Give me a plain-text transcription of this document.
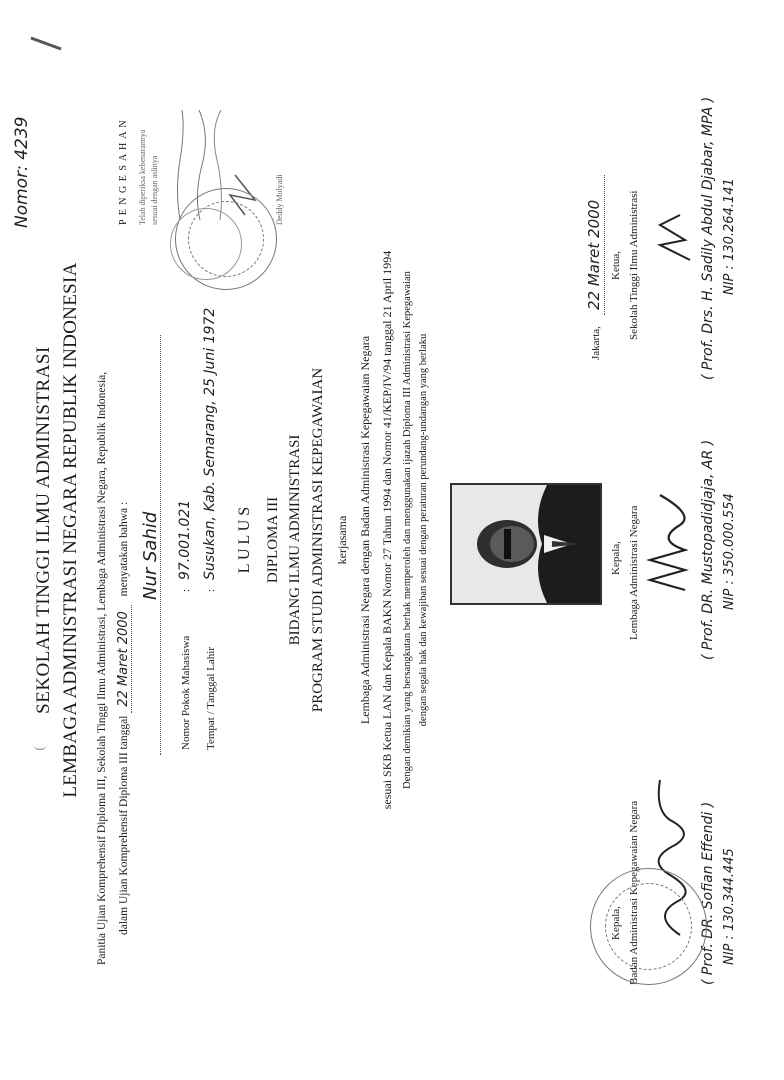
Nomor: 4239
SEKOLAH TINGGI ILMU ADMINISTRASI LEMBAGA ADMINISTRASI NEGARA REPUBLIK INDONESIA Panitia Ujian Komprehensif Diploma III, Sekolah Tinggi Ilmu Administrasi, Lembaga Administrasi Negara, Republik Indonesia, dalam Ujian Komprehensif Diploma III tanggal 22 Maret 2000 menyatakan bahwa :
P E N G E S A H A N Telah diperiksa kebenarannya sesuai dengan aslinya	Deddy Mulyadi
Nur Sahid
Nomor Pokok Mahasiswa
:
97.001.021
Tempat / Tanggal Lahir
:
Susukan, Kab. Semarang, 25 Juni 1972 L U L U S DIPLOMA III BIDANG ILMU ADMINISTRASI PROGRAM STUDI ADMINISTRASI KEPEGAWAIAN kerjasama Lembaga Administrasi Negara dengan Badan Administrasi Kepegawaian Negara sesuai SKB Ketua LAN dan Kepala BAKN Nomor 27 Tahun 1994 dan Nomor 41/KEP/IV/94 tanggal 21 April 1994 Dengan demikian yang bersangkutan berhak memperoleh dan menggunakan ijazah Diploma III Administrasi Kepegawaian dengan segala hak dan kewajiban sesuai dengan peraturan perundang-undangan yang berlaku	Jakarta,
22 Maret 2000
Kepala, Badan Administrasi Kepegawaian Negara	( Prof. DR. Sofian Effendi ) NIP : 130.344.445
Kepala, Lembaga Administrasi Negara	( Prof. DR. Mustopadidjaja, AR ) NIP : 350.000.554
Ketua, Sekolah Tinggi Ilmu Administrasi	( Prof. Drs. H. Sadily Abdul Djabar, MPA ) NIP : 130.264.141
